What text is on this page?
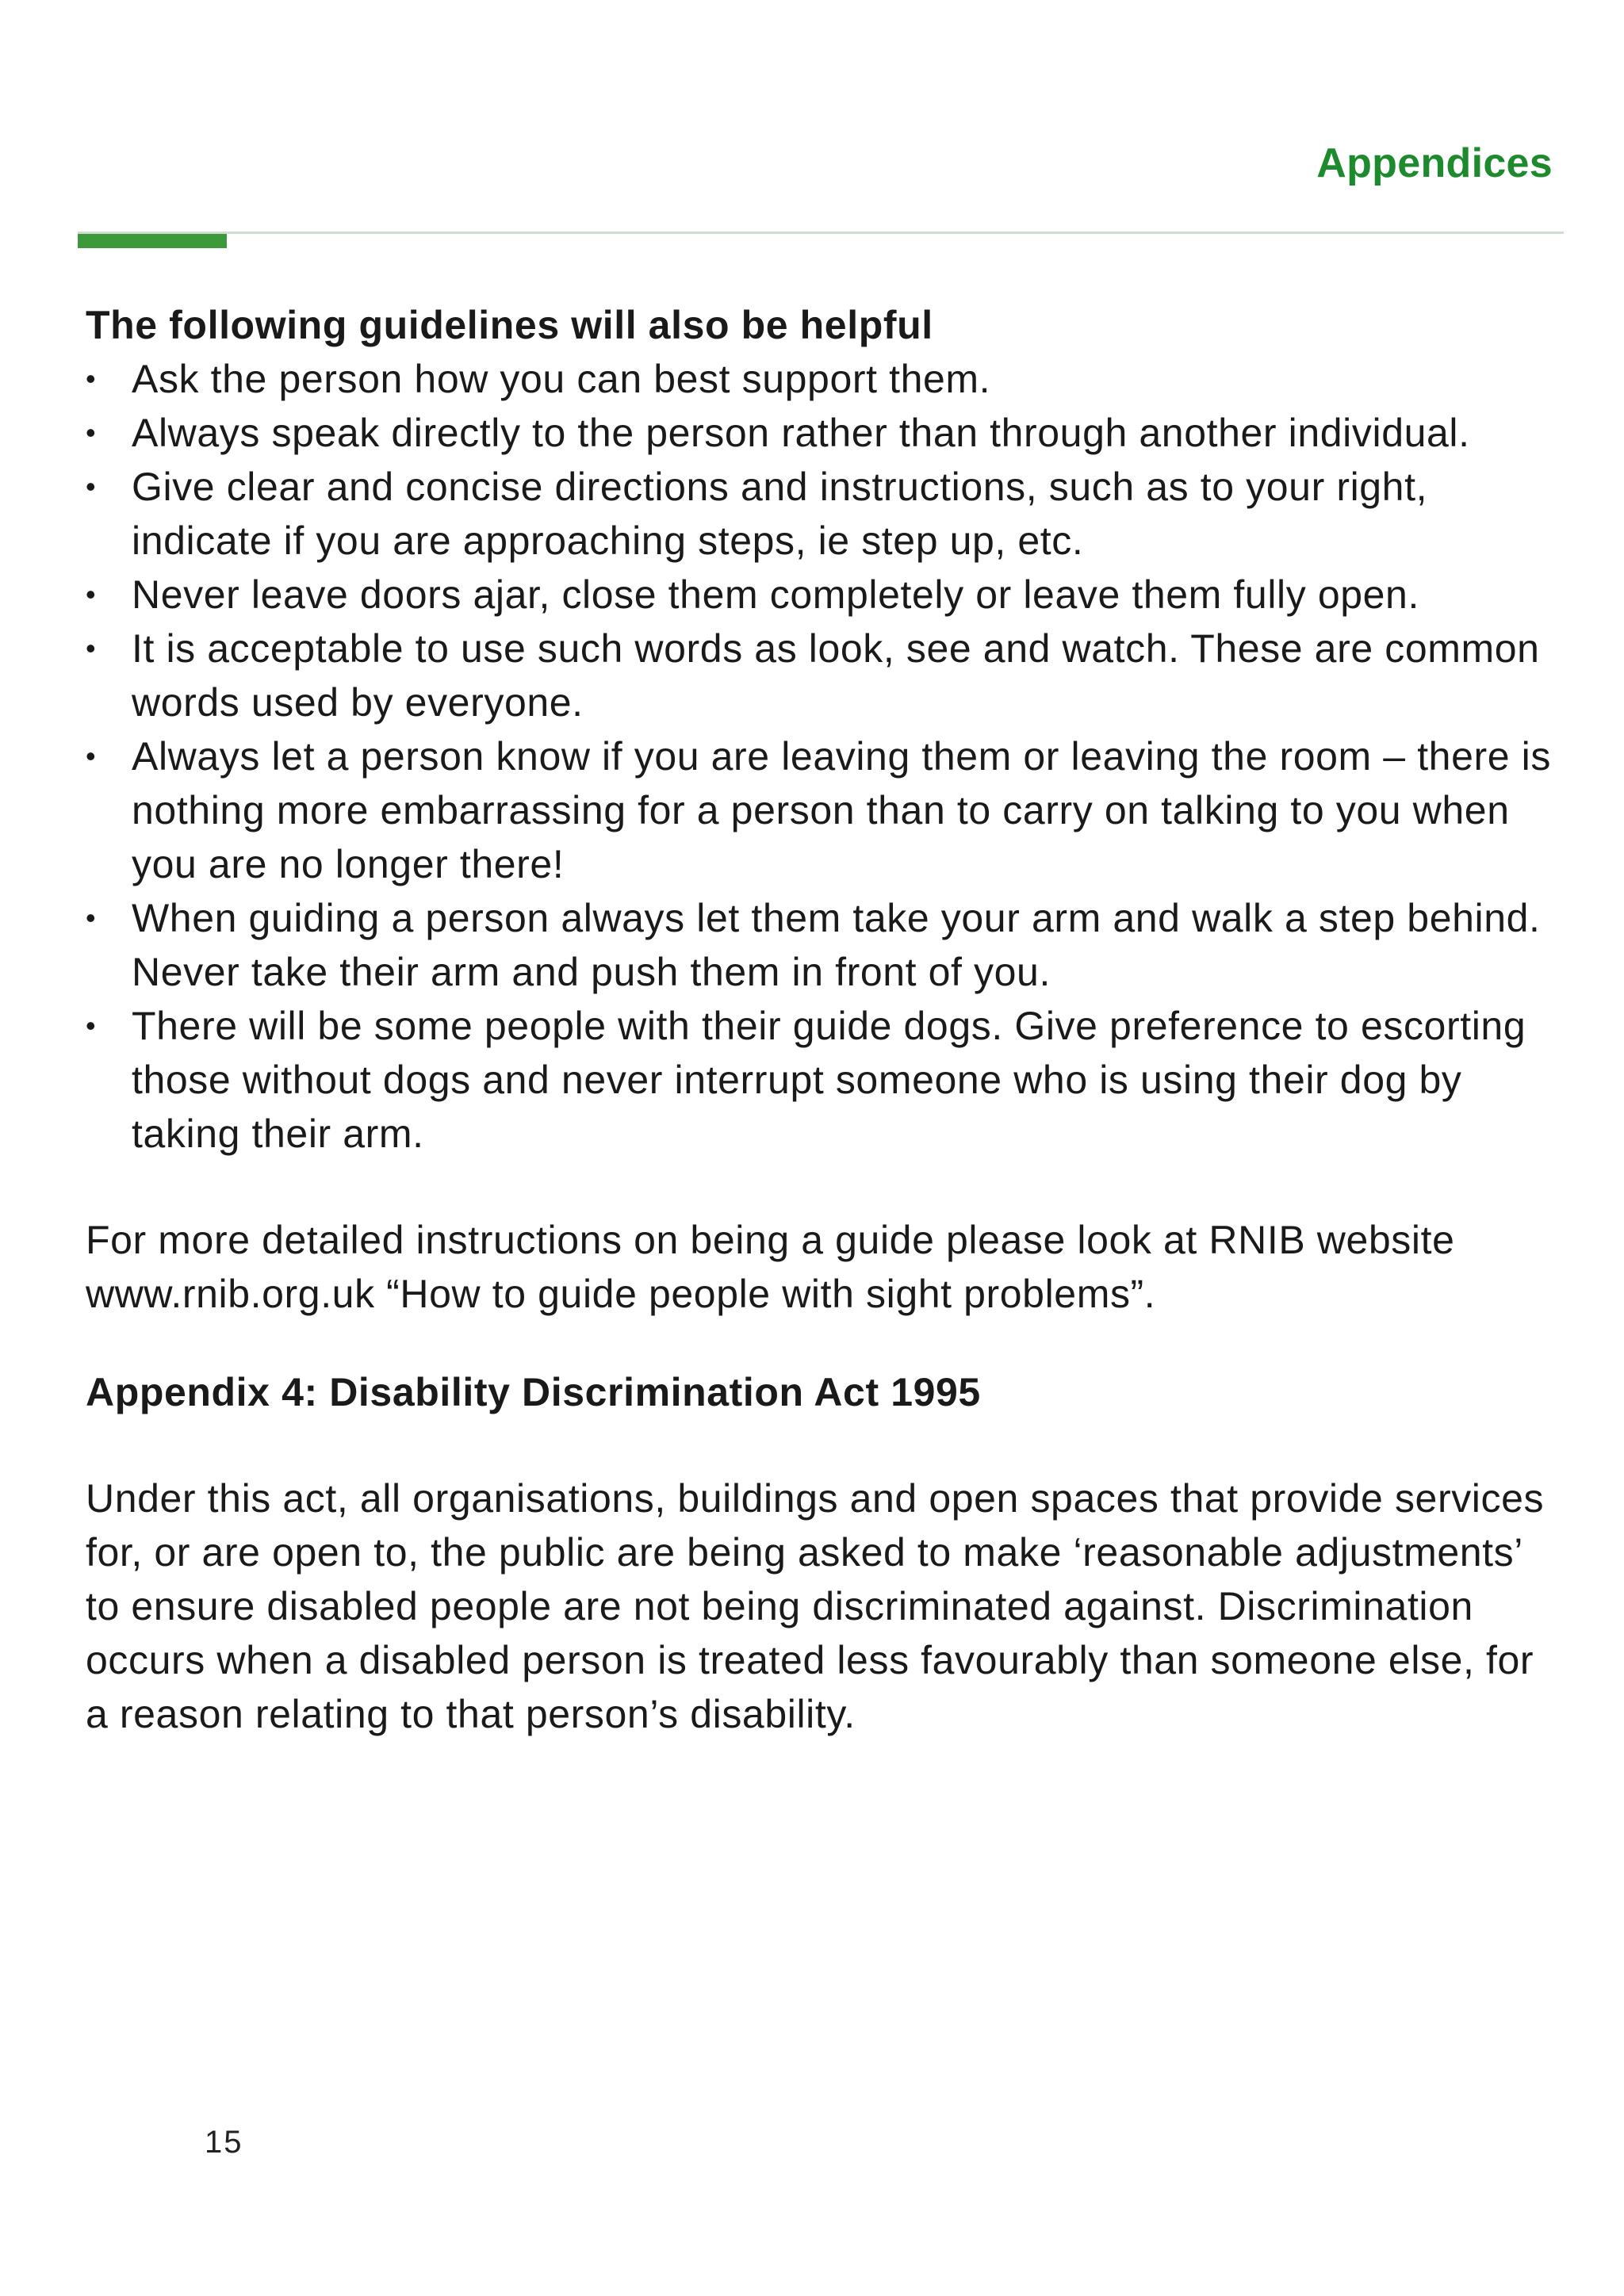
Appendices

The following guidelines will also be helpful

• Ask the person how you can best support them.
• Always speak directly to the person rather than through another individual.
• Give clear and concise directions and instructions, such as to your right, indicate if you are approaching steps, ie step up, etc.
• Never leave doors ajar, close them completely or leave them fully open.
• It is acceptable to use such words as look, see and watch. These are common words used by everyone.
• Always let a person know if you are leaving them or leaving the room – there is nothing more embarrassing for a person than to carry on talking to you when you are no longer there!
• When guiding a person always let them take your arm and walk a step behind. Never take their arm and push them in front of you.
• There will be some people with their guide dogs. Give preference to escorting those without dogs and never interrupt someone who is using their dog by taking their arm.

For more detailed instructions on being a guide please look at RNIB website www.rnib.org.uk “How to guide people with sight problems”.

Appendix 4: Disability Discrimination Act 1995

Under this act, all organisations, buildings and open spaces that provide services for, or are open to, the public are being asked to make ‘reasonable adjustments’ to ensure disabled people are not being discriminated against. Discrimination occurs when a disabled person is treated less favourably than someone else, for a reason relating to that person’s disability.

15
